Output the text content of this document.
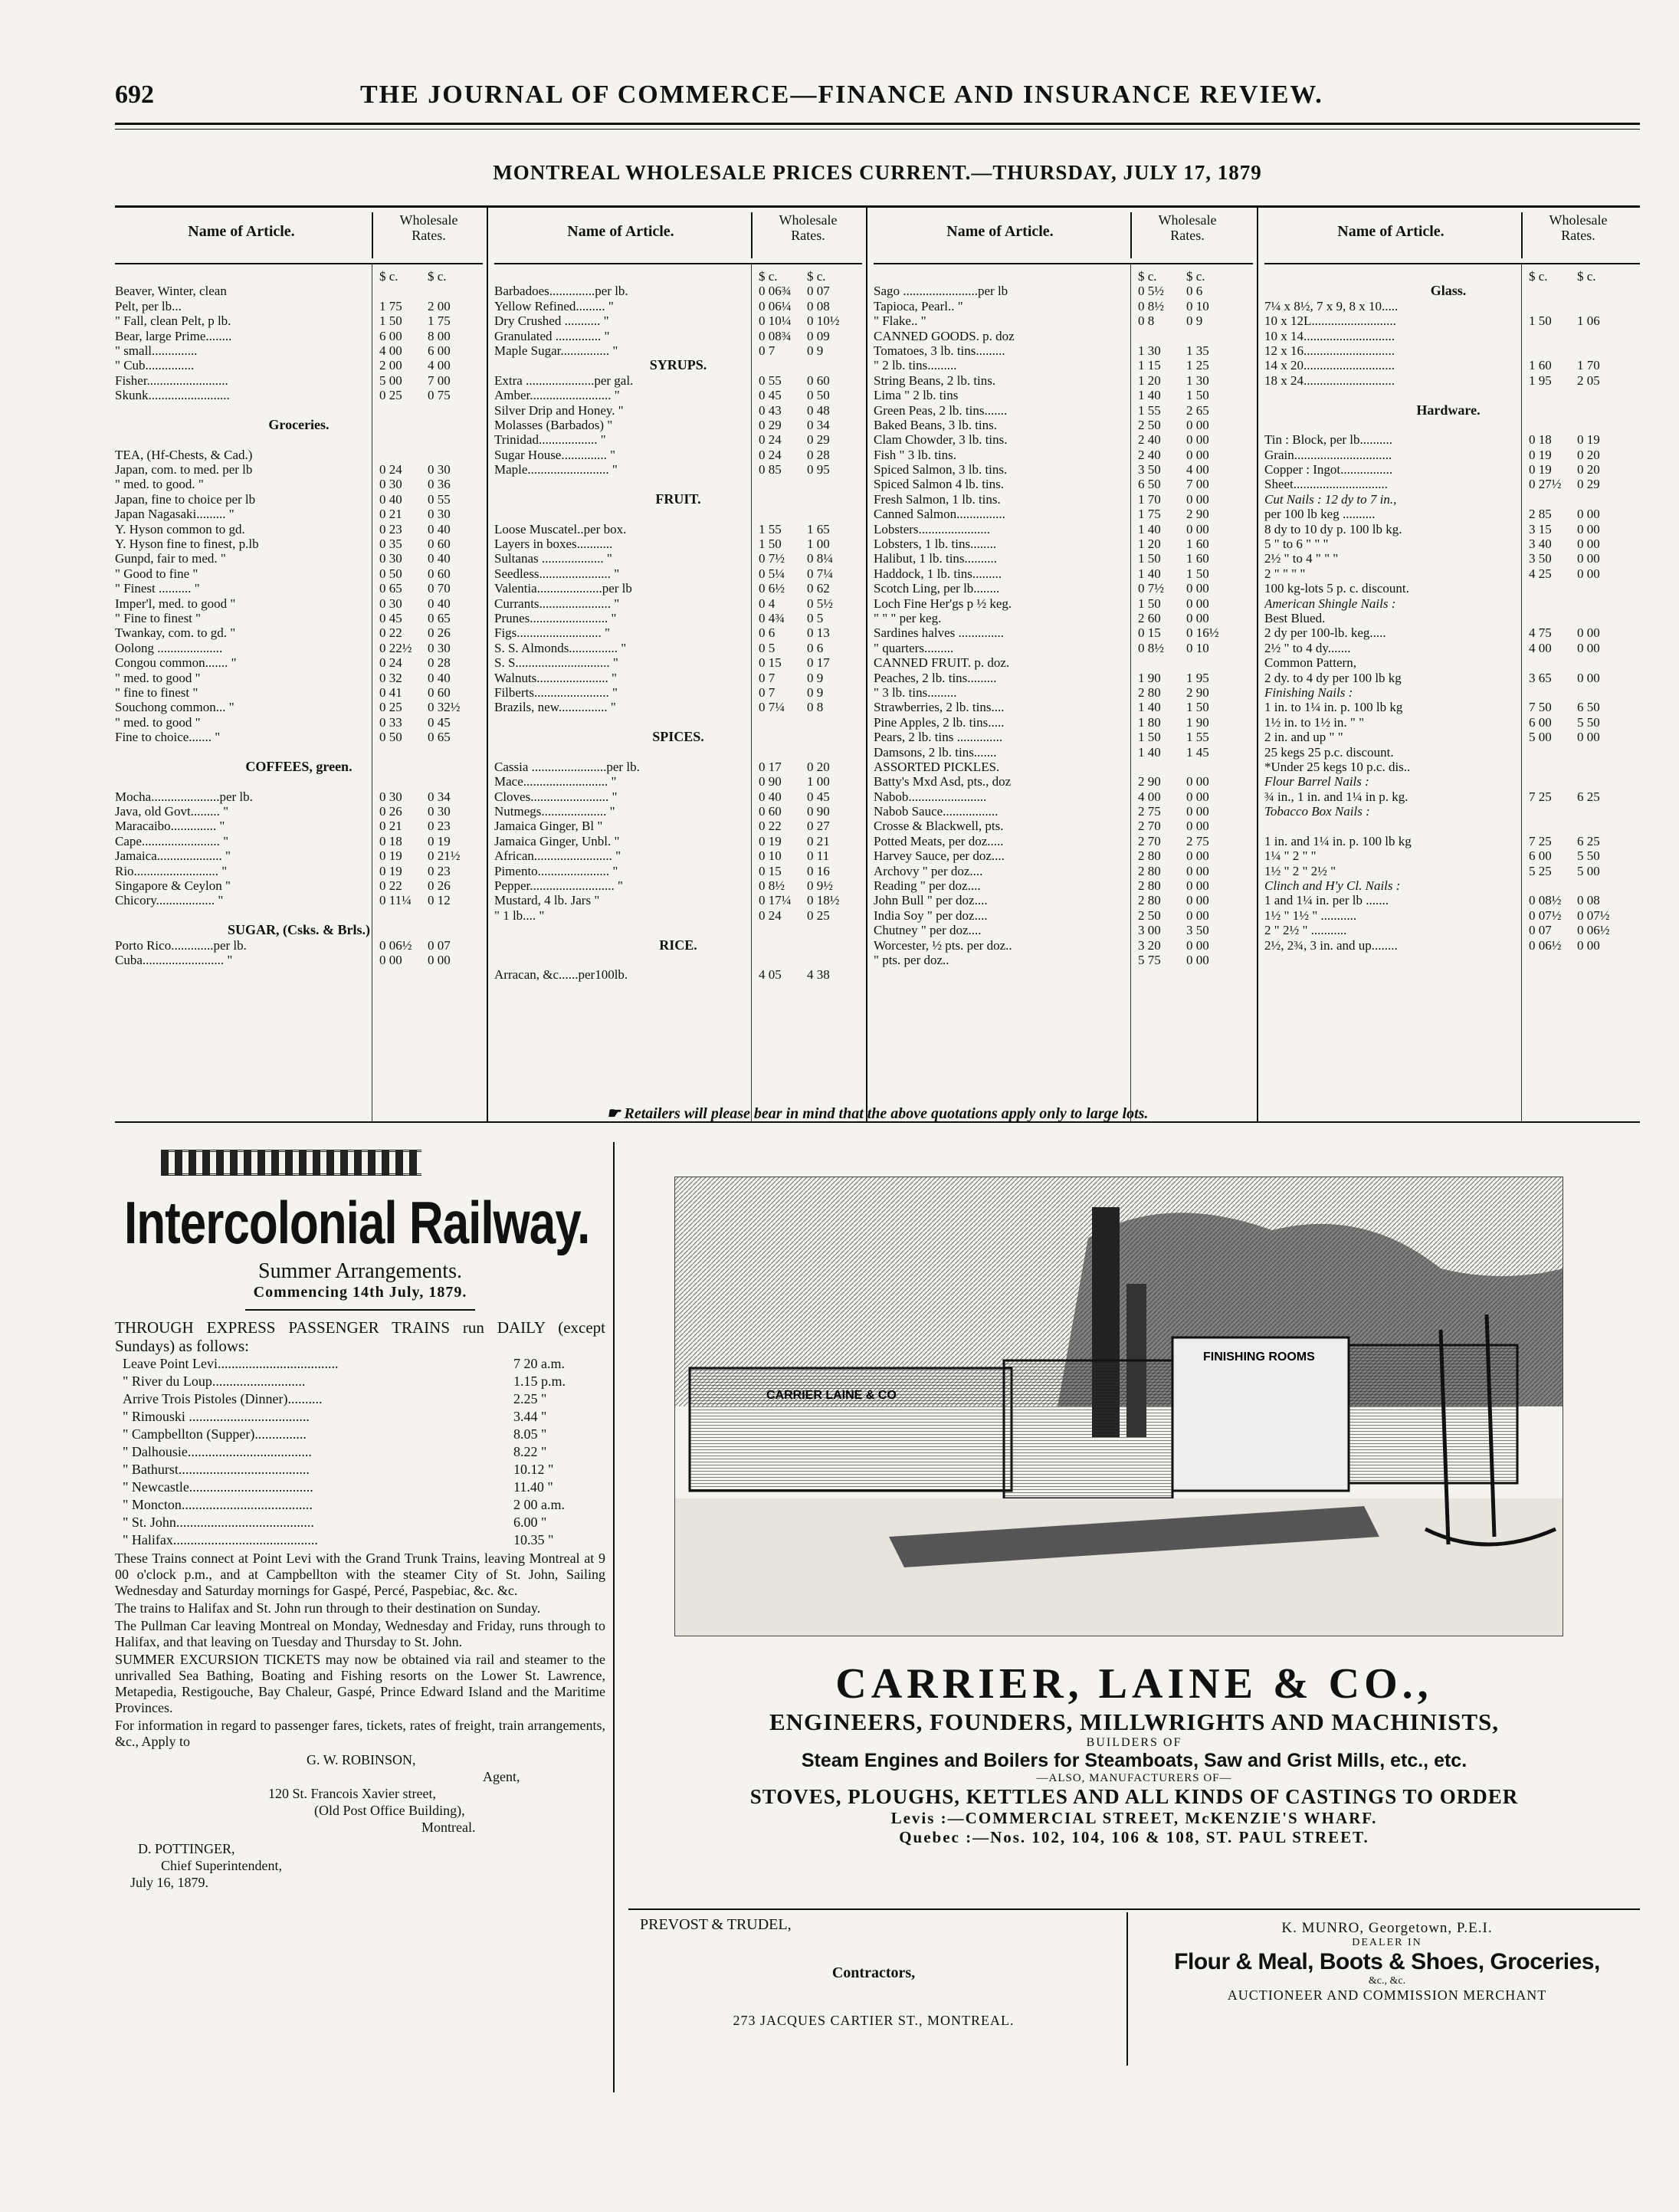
692	THE JOURNAL OF COMMERCE—FINANCE AND INSURANCE REVIEW.
MONTREAL WHOLESALE PRICES CURRENT.—THURSDAY, JULY 17, 1879
Name of Article.
Wholesale
Rates.
$ c.	$ c.
Beaver, Winter, clean
Pelt, per lb...	1 75	2 00
" Fall, clean Pelt, p lb.	1 50	1 75
Bear, large Prime........	6 00	8 00
" small..............	4 00	6 00
" Cub...............	2 00	4 00
Fisher.........................	5 00	7 00
Skunk.........................	0 25	0 75
Groceries.
TEA, (Hf-Chests, & Cad.)
Japan, com. to med. per lb	0 24	0 30
" med. to good. "	0 30	0 36
Japan, fine to choice per lb	0 40	0 55
Japan Nagasaki......... "	0 21	0 30
Y. Hyson common to gd.	0 23	0 40
Y. Hyson fine to finest, p.lb	0 35	0 60
Gunpd, fair to med. "	0 30	0 40
" Good to fine "	0 50	0 60
" Finest .......... "	0 65	0 70
Imper'l, med. to good "	0 30	0 40
" Fine to finest "	0 45	0 65
Twankay, com. to gd. "	0 22	0 26
Oolong ....................	0 22½	0 30
Congou common....... "	0 24	0 28
" med. to good "	0 32	0 40
" fine to finest "	0 41	0 60
Souchong common... "	0 25	0 32½
" med. to good "	0 33	0 45
Fine to choice....... "	0 50	0 65
COFFEES, green.
Mocha.....................per lb.	0 30	0 34
Java, old Govt......... "	0 26	0 30
Maracaibo.............. "	0 21	0 23
Cape........................ "	0 18	0 19
Jamaica.................... "	0 19	0 21½
Rio.......................... "	0 19	0 23
Singapore & Ceylon "	0 22	0 26
Chicory.................. "	0 11¼	0 12
SUGAR, (Csks. & Brls.)
Porto Rico.............per lb.	0 06½	0 07
Cuba......................... "	0 00	0 00
Name of Article.
Wholesale
Rates.
$ c.	$ c.
Barbadoes..............per lb.	0 06¾	0 07
Yellow Refined......... "	0 06¼	0 08
Dry Crushed ........... "	0 10¼	0 10½
Granulated .............. "	0 08¾	0 09
Maple Sugar............... "	0 7	0 9
SYRUPS.
Extra .....................per gal.	0 55	0 60
Amber......................... "	0 45	0 50
Silver Drip and Honey. "	0 43	0 48
Molasses (Barbados) "	0 29	0 34
Trinidad.................. "	0 24	0 29
Sugar House.............. "	0 24	0 28
Maple......................... "	0 85	0 95
FRUIT.
Loose Muscatel..per box.	1 55	1 65
Layers in boxes...........	1 50	1 00
Sultanas ................... "	0 7½	0 8¼
Seedless...................... "	0 5¼	0 7¼
Valentia....................per lb	0 6½	0 62
Currants...................... "	0 4	0 5½
Prunes........................ "	0 4¾	0 5
Figs.......................... "	0 6	0 13
S. S. Almonds............... "	0 5	0 6
S. S............................. "	0 15	0 17
Walnuts...................... "	0 7	0 9
Filberts....................... "	0 7	0 9
Brazils, new............... "	0 7¼	0 8
SPICES.
Cassia .......................per lb.	0 17	0 20
Mace.......................... "	0 90	1 00
Cloves........................ "	0 40	0 45
Nutmegs.................... "	0 60	0 90
Jamaica Ginger, Bl "	0 22	0 27
Jamaica Ginger, Unbl. "	0 19	0 21
African........................ "	0 10	0 11
Pimento...................... "	0 15	0 16
Pepper.......................... "	0 8½	0 9½
Mustard, 4 lb. Jars "	0 17¼	0 18½
" 1 lb.... "	0 24	0 25
RICE.
Arracan, &c......per100lb.	4 05	4 38
Name of Article.
Wholesale
Rates.
$ c.	$ c.
Sago .......................per lb	0 5½	0 6
Tapioca, Pearl.. "	0 8½	0 10
" Flake.. "	0 8	0 9
CANNED GOODS. p. doz
Tomatoes, 3 lb. tins.........	1 30	1 35
" 2 lb. tins.........	1 15	1 25
String Beans, 2 lb. tins.	1 20	1 30
Lima " 2 lb. tins	1 40	1 50
Green Peas, 2 lb. tins.......	1 55	2 65
Baked Beans, 3 lb. tins.	2 50	0 00
Clam Chowder, 3 lb. tins.	2 40	0 00
Fish " 3 lb. tins.	2 40	0 00
Spiced Salmon, 3 lb. tins.	3 50	4 00
Spiced Salmon 4 lb. tins.	6 50	7 00
Fresh Salmon, 1 lb. tins.	1 70	0 00
Canned Salmon...............	1 75	2 90
Lobsters......................	1 40	0 00
Lobsters, 1 lb. tins........	1 20	1 60
Halibut, 1 lb. tins..........	1 50	1 60
Haddock, 1 lb. tins.........	1 40	1 50
Scotch Ling, per lb........	0 7½	0 00
Loch Fine Her'gs p ½ keg.	1 50	0 00
" " " per keg.	2 60	0 00
Sardines halves ..............	0 15	0 16½
" quarters.........	0 8½	0 10
CANNED FRUIT. p. doz.
Peaches, 2 lb. tins.........	1 90	1 95
" 3 lb. tins.........	2 80	2 90
Strawberries, 2 lb. tins....	1 40	1 50
Pine Apples, 2 lb. tins.....	1 80	1 90
Pears, 2 lb. tins ..............	1 50	1 55
Damsons, 2 lb. tins.......	1 40	1 45
ASSORTED PICKLES.
Batty's Mxd Asd, pts., doz	2 90	0 00
Nabob........................	4 00	0 00
Nabob Sauce.................	2 75	0 00
Crosse & Blackwell, pts.	2 70	0 00
Potted Meats, per doz.....	2 70	2 75
Harvey Sauce, per doz....	2 80	0 00
Archovy " per doz....	2 80	0 00
Reading " per doz....	2 80	0 00
John Bull " per doz....	2 80	0 00
India Soy " per doz....	2 50	0 00
Chutney " per doz....	3 00	3 50
Worcester, ½ pts. per doz..	3 20	0 00
" pts. per doz..	5 75	0 00
Name of Article.
Wholesale
Rates.
$ c.	$ c.
Glass.
7¼ x 8½, 7 x 9, 8 x 10.....
10 x 12L..........................	1 50	1 06
10 x 14............................
12 x 16............................
14 x 20............................	1 60	1 70
18 x 24............................	1 95	2 05
Hardware.
Tin : Block, per lb..........	0 18	0 19
Grain..............................	0 19	0 20
Copper : Ingot................	0 19	0 20
Sheet.............................	0 27½	0 29
Cut Nails : 12 dy to 7 in.,
per 100 lb keg ..........	2 85	0 00
8 dy to 10 dy p. 100 lb kg.	3 15	0 00
5 " to 6 " " "	3 40	0 00
2½ " to 4 " " "	3 50	0 00
2 " " " "	4 25	0 00
100 kg-lots 5 p. c. discount.
American Shingle Nails :
Best Blued.
2 dy per 100-lb. keg.....	4 75	0 00
2½ " to 4 dy.......	4 00	0 00
Common Pattern,
2 dy. to 4 dy per 100 lb kg	3 65	0 00
Finishing Nails :
1 in. to 1¼ in. p. 100 lb kg	7 50	6 50
1½ in. to 1½ in. " "	6 00	5 50
2 in. and up " "	5 00	0 00
25 kegs 25 p.c. discount.
*Under 25 kegs 10 p.c. dis..
Flour Barrel Nails :
¾ in., 1 in. and 1¼ in p. kg.	7 25	6 25
Tobacco Box Nails :
1 in. and 1¼ in. p. 100 lb kg	7 25	6 25
1¼ " 2 " "	6 00	5 50
1½ " 2 " 2½ "	5 25	5 00
Clinch and H'y Cl. Nails :
1 and 1¼ in. per lb .......	0 08½	0 08
1½ " 1½ " ...........	0 07½	0 07½
2 " 2½ " ...........	0 07	0 06½
2½, 2¾, 3 in. and up........	0 06½	0 00
☛ Retailers will please bear in mind that the above quotations apply only to large lots.
Intercolonial Railway.
Summer Arrangements.
Commencing 14th July, 1879.
THROUGH EXPRESS PASSENGER TRAINS run DAILY (except Sundays) as follows:
Leave Point Levi...................................	7 20 a.m.
" River du Loup...........................	1.15 p.m.
Arrive Trois Pistoles (Dinner)..........	2.25 "
" Rimouski ...................................	3.44 "
" Campbellton (Supper)...............	8.05 "
" Dalhousie....................................	8.22 "
" Bathurst......................................	10.12 "
" Newcastle....................................	11.40 "
" Moncton......................................	2 00 a.m.
" St. John........................................	6.00 "
" Halifax..........................................	10.35 "

These Trains connect at Point Levi with the Grand Trunk Trains, leaving Montreal at 9 00 o'clock p.m., and at Campbellton with the steamer City of St. John, Sailing Wednesday and Saturday mornings for Gaspé, Percé, Paspebiac, &c. &c.

The trains to Halifax and St. John run through to their destination on Sunday.

The Pullman Car leaving Montreal on Monday, Wednesday and Friday, runs through to Halifax, and that leaving on Tuesday and Thursday to St. John.

SUMMER EXCURSION TICKETS may now be obtained via rail and steamer to the unrivalled Sea Bathing, Boating and Fishing resorts on the Lower St. Lawrence, Metapedia, Restigouche, Bay Chaleur, Gaspé, Prince Edward Island and the Maritime Provinces.

For information in regard to passenger fares, tickets, rates of freight, train arrangements, &c., Apply to

G. W. ROBINSON,
Agent,
120 St. Francois Xavier street,
(Old Post Office Building),
Montreal.
D. POTTINGER,
Chief Superintendent,
July 16, 1879.
CARRIER LAINE & CO
FINISHING ROOMS
CARRIER, LAINE & CO.,
ENGINEERS, FOUNDERS, MILLWRIGHTS AND MACHINISTS,
BUILDERS OF
Steam Engines and Boilers for Steamboats, Saw and Grist Mills, etc., etc.
—ALSO, MANUFACTURERS OF—
STOVES, PLOUGHS, KETTLES AND ALL KINDS OF CASTINGS TO ORDER
Levis :—COMMERCIAL STREET, McKENZIE'S WHARF.
Quebec :—Nos. 102, 104, 106 & 108, ST. PAUL STREET.
PREVOST & TRUDEL,
Contractors,
273 JACQUES CARTIER ST., MONTREAL.
K. MUNRO, Georgetown, P.E.I.
DEALER IN
Flour & Meal, Boots & Shoes, Groceries,
&c., &c.
AUCTIONEER AND COMMISSION MERCHANT
